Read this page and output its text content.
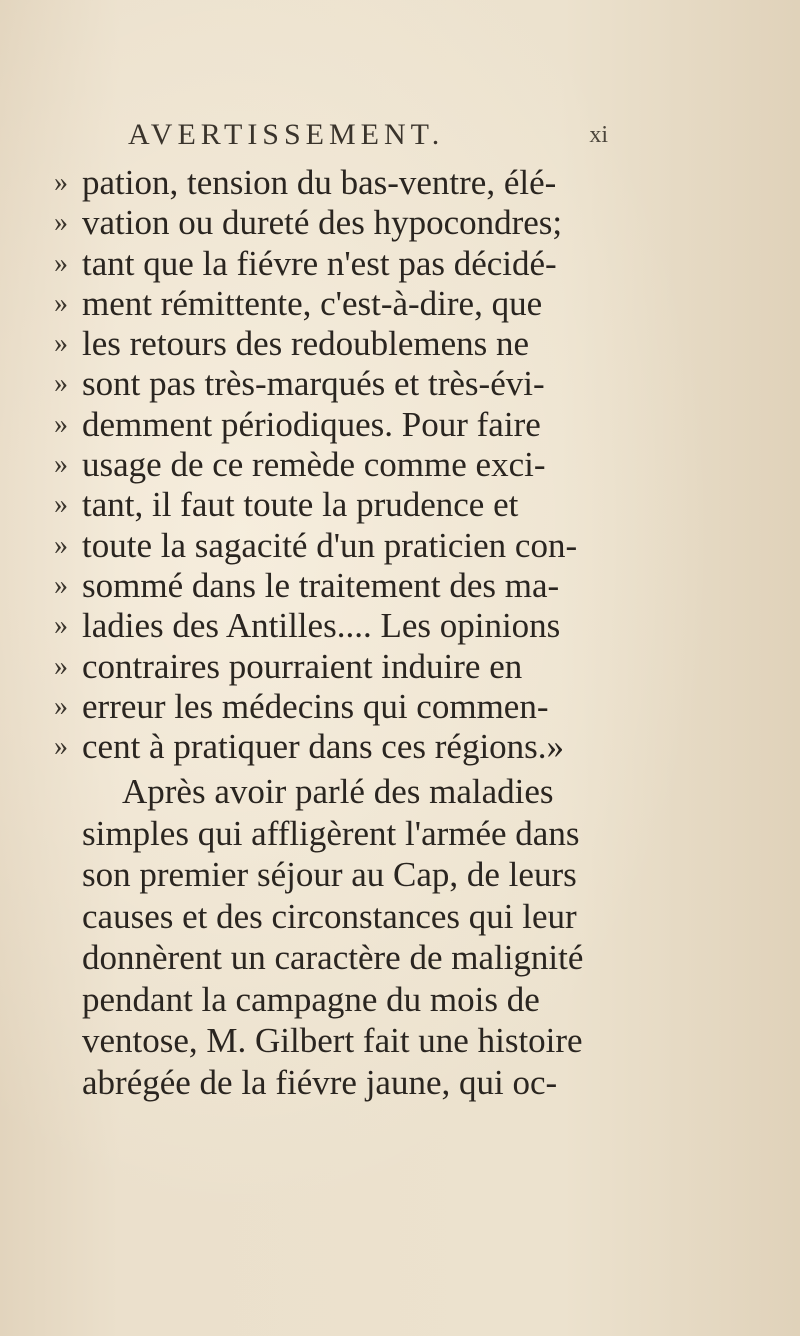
AVERTISSEMENT.	xi
» pation, tension du bas-ventre, élé-
» vation ou dureté des hypocondres;
» tant que la fiévre n'est pas décidé-
» ment rémittente, c'est-à-dire, que
» les retours des redoublemens ne
» sont pas très-marqués et très-évi-
» demment périodiques. Pour faire
» usage de ce remède comme exci-
» tant, il faut toute la prudence et
» toute la sagacité d'un praticien con-
» sommé dans le traitement des ma-
» ladies des Antilles.... Les opinions
» contraires pourraient induire en
» erreur les médecins qui commen-
» cent à pratiquer dans ces régions.»
Après avoir parlé des maladies
simples qui affligèrent l'armée dans
son premier séjour au Cap, de leurs
causes et des circonstances qui leur
donnèrent un caractère de malignité
pendant la campagne du mois de
ventose, M. Gilbert fait une histoire
abrégée de la fiévre jaune, qui oc-
